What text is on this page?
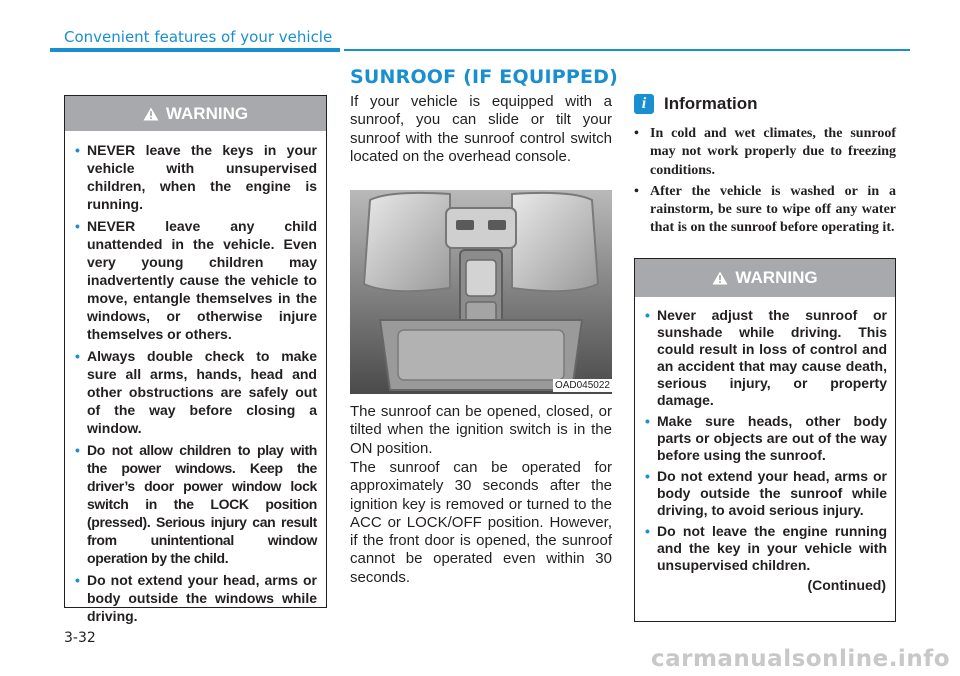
Convenient features of your vehicle
SUNROOF (IF EQUIPPED)
WARNING
• NEVER leave the keys in your vehicle with unsupervised children, when the engine is running.
• NEVER leave any child unattended in the vehicle. Even very young children may inadvertently cause the vehicle to move, entangle themselves in the windows, or otherwise injure themselves or others.
• Always double check to make sure all arms, hands, head and other obstructions are safely out of the way before closing a window.
• Do not allow children to play with the power windows. Keep the driver’s door power window lock switch in the LOCK position (pressed). Serious injury can result from unintentional window operation by the child.
• Do not extend your head, arms or body outside the windows while driving.
If your vehicle is equipped with a sunroof, you can slide or tilt your sunroof with the sunroof control switch located on the overhead console.
OAD045022
The sunroof can be opened, closed, or tilted when the ignition switch is in the ON position.
The sunroof can be operated for approximately 30 seconds after the ignition key is removed or turned to the ACC or LOCK/OFF position. However, if the front door is opened, the sunroof cannot be operated even within 30 seconds.
i	Information
• In cold and wet climates, the sunroof may not work properly due to freezing conditions.
• After the vehicle is washed or in a rainstorm, be sure to wipe off any water that is on the sunroof before operating it.
WARNING
• Never adjust the sunroof or sunshade while driving. This could result in loss of control and an accident that may cause death, serious injury, or property damage.
• Make sure heads, other body parts or objects are out of the way before using the sunroof.
• Do not extend your head, arms or body outside the sunroof while driving, to avoid serious injury.
• Do not leave the engine running and the key in your vehicle with unsupervised children.
(Continued)
3-32
carmanualsonline.info
